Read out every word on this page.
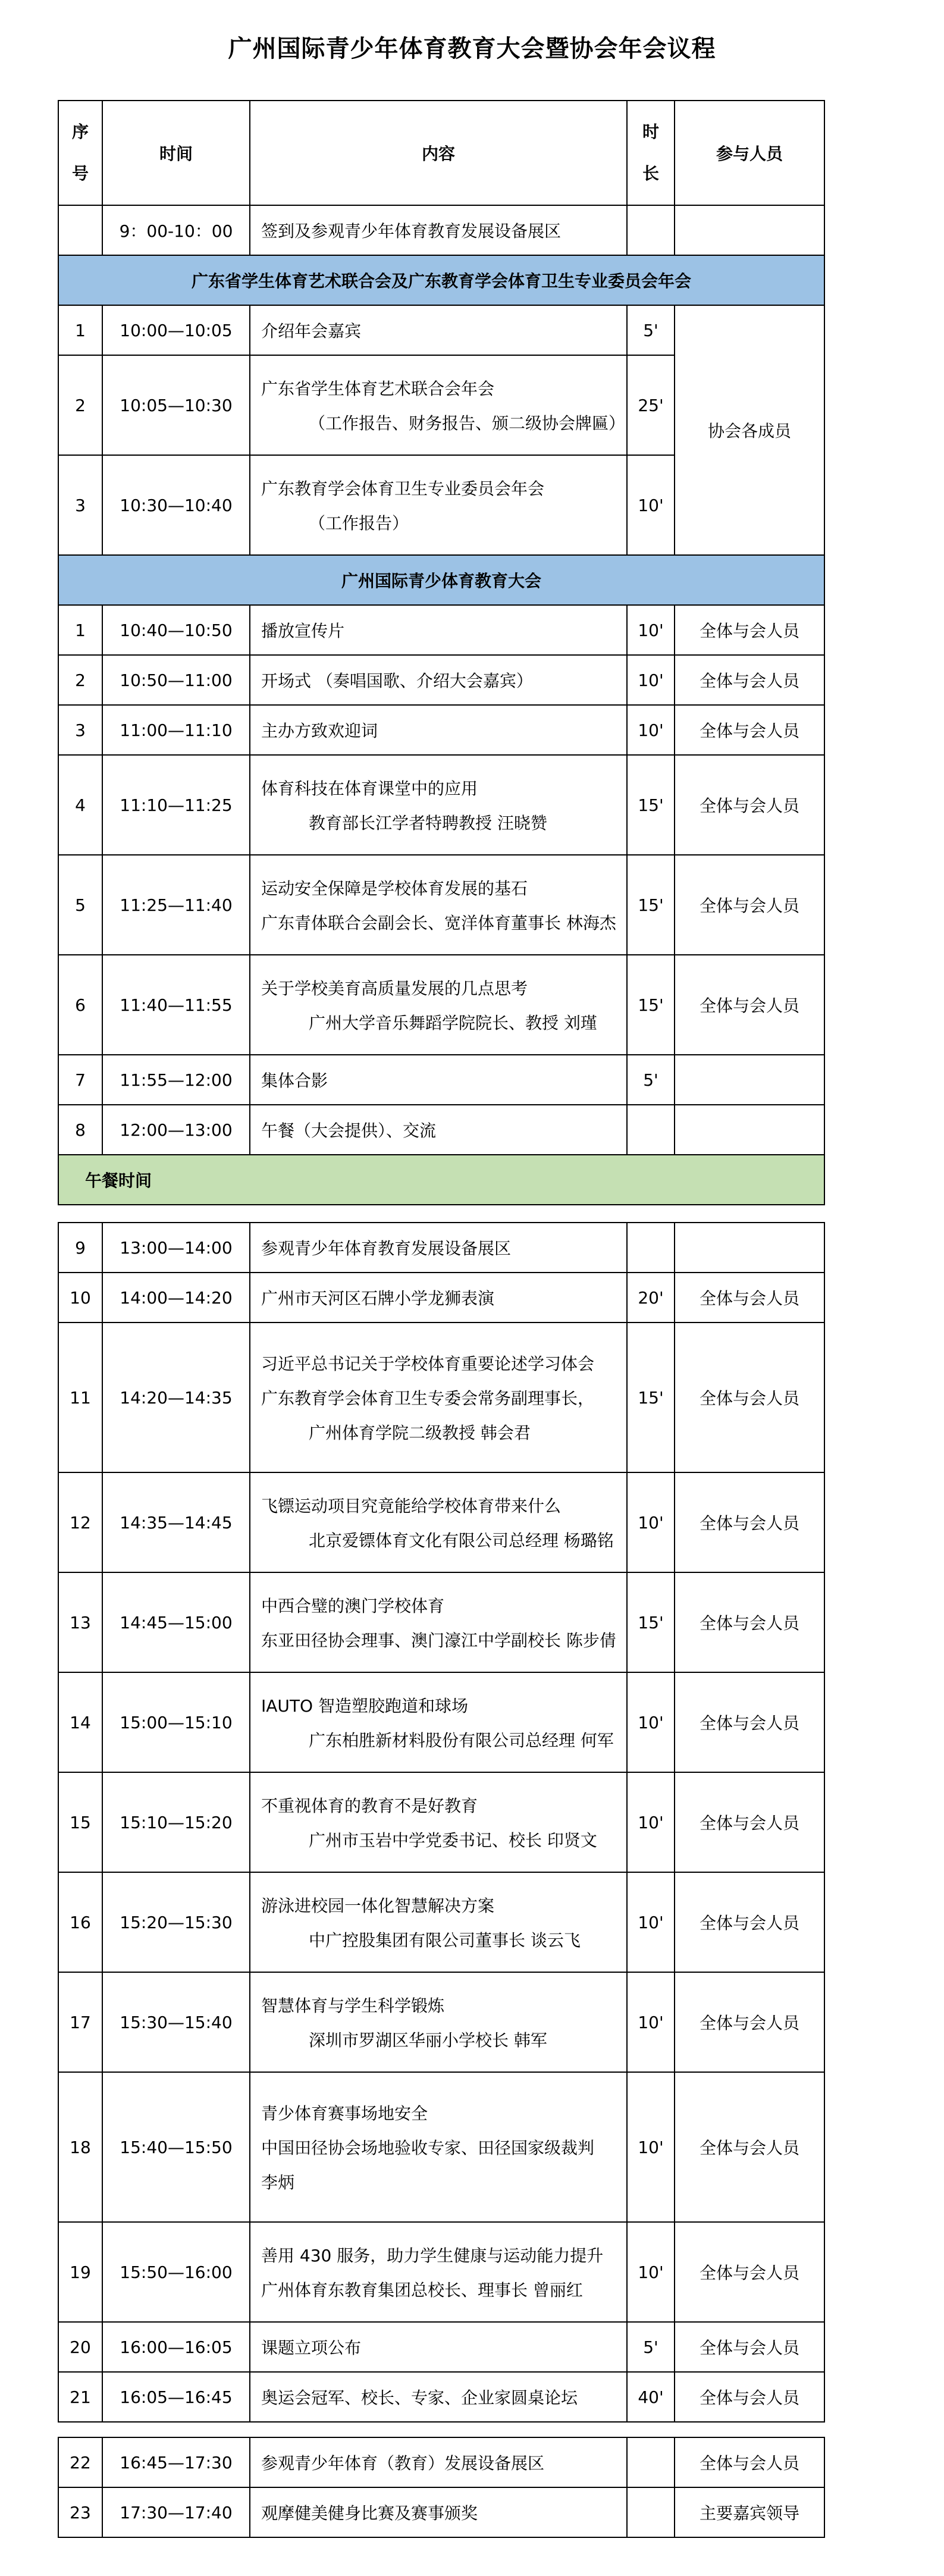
广州国际青少年体育教育大会暨协会年会议程
序号	时间	内容	时长	参与人员
	9：00-10：00	签到及参观青少年体育教育发展设备展区		
广东省学生体育艺术联合会及广东教育学会体育卫生专业委员会年会				
1	10:00—10:05	介绍年会嘉宾	5'	协会各成员
2	10:05—10:30	广东省学生体育艺术联合会年会
（工作报告、财务报告、颁二级协会牌匾）	25'	
3	10:30—10:40	广东教育学会体育卫生专业委员会年会
（工作报告）	10'	
广州国际青少体育教育大会				
1	10:40—10:50	播放宣传片	10'	全体与会人员
2	10:50—11:00	开场式 （奏唱国歌、介绍大会嘉宾）	10'	全体与会人员
3	11:00—11:10	主办方致欢迎词	10'	全体与会人员
4	11:10—11:25	体育科技在体育课堂中的应用
教育部长江学者特聘教授 汪晓赞	15'	全体与会人员
5	11:25—11:40	运动安全保障是学校体育发展的基石
广东青体联合会副会长、宽洋体育董事长 林海杰	15'	全体与会人员
6	11:40—11:55	关于学校美育高质量发展的几点思考
广州大学音乐舞蹈学院院长、教授 刘瑾	15'	全体与会人员
7	11:55—12:00	集体合影	5'	
8	12:00—13:00	午餐（大会提供）、交流		
午餐时间				
9	13:00—14:00	参观青少年体育教育发展设备展区		

10	14:00—14:20	广州市天河区石牌小学龙狮表演	20'	全体与会人员
11	14:20—14:35	习近平总书记关于学校体育重要论述学习体会
广东教育学会体育卫生专委会常务副理事长，
广州体育学院二级教授 韩会君	15'	全体与会人员
12	14:35—14:45	飞镖运动项目究竟能给学校体育带来什么
北京爱镖体育文化有限公司总经理 杨璐铭	10'	全体与会人员
13	14:45—15:00	中西合璧的澳门学校体育
东亚田径协会理事、澳门濠江中学副校长 陈步倩	15'	全体与会人员
14	15:00—15:10	IAUTO 智造塑胶跑道和球场
广东柏胜新材料股份有限公司总经理 何军	10'	全体与会人员
15	15:10—15:20	不重视体育的教育不是好教育
广州市玉岩中学党委书记、校长 印贤文	10'	全体与会人员
16	15:20—15:30	游泳进校园一体化智慧解决方案
中广控股集团有限公司董事长 谈云飞	10'	全体与会人员
17	15:30—15:40	智慧体育与学生科学锻炼
深圳市罗湖区华丽小学校长 韩军	10'	全体与会人员
18	15:40—15:50	青少体育赛事场地安全
中国田径协会场地验收专家、田径国家级裁判
李炳	10'	全体与会人员
19	15:50—16:00	善用 430 服务，助力学生健康与运动能力提升
广州体育东教育集团总校长、理事长 曾丽红	10'	全体与会人员
20	16:00—16:05	课题立项公布	5'	全体与会人员
21	16:05—16:45	奥运会冠军、校长、专家、企业家圆桌论坛	40'	全体与会人员
22	16:45—17:30	参观青少年体育（教育）发展设备展区		全体与会人员
23	17:30—17:40	观摩健美健身比赛及赛事颁奖		主要嘉宾领导
